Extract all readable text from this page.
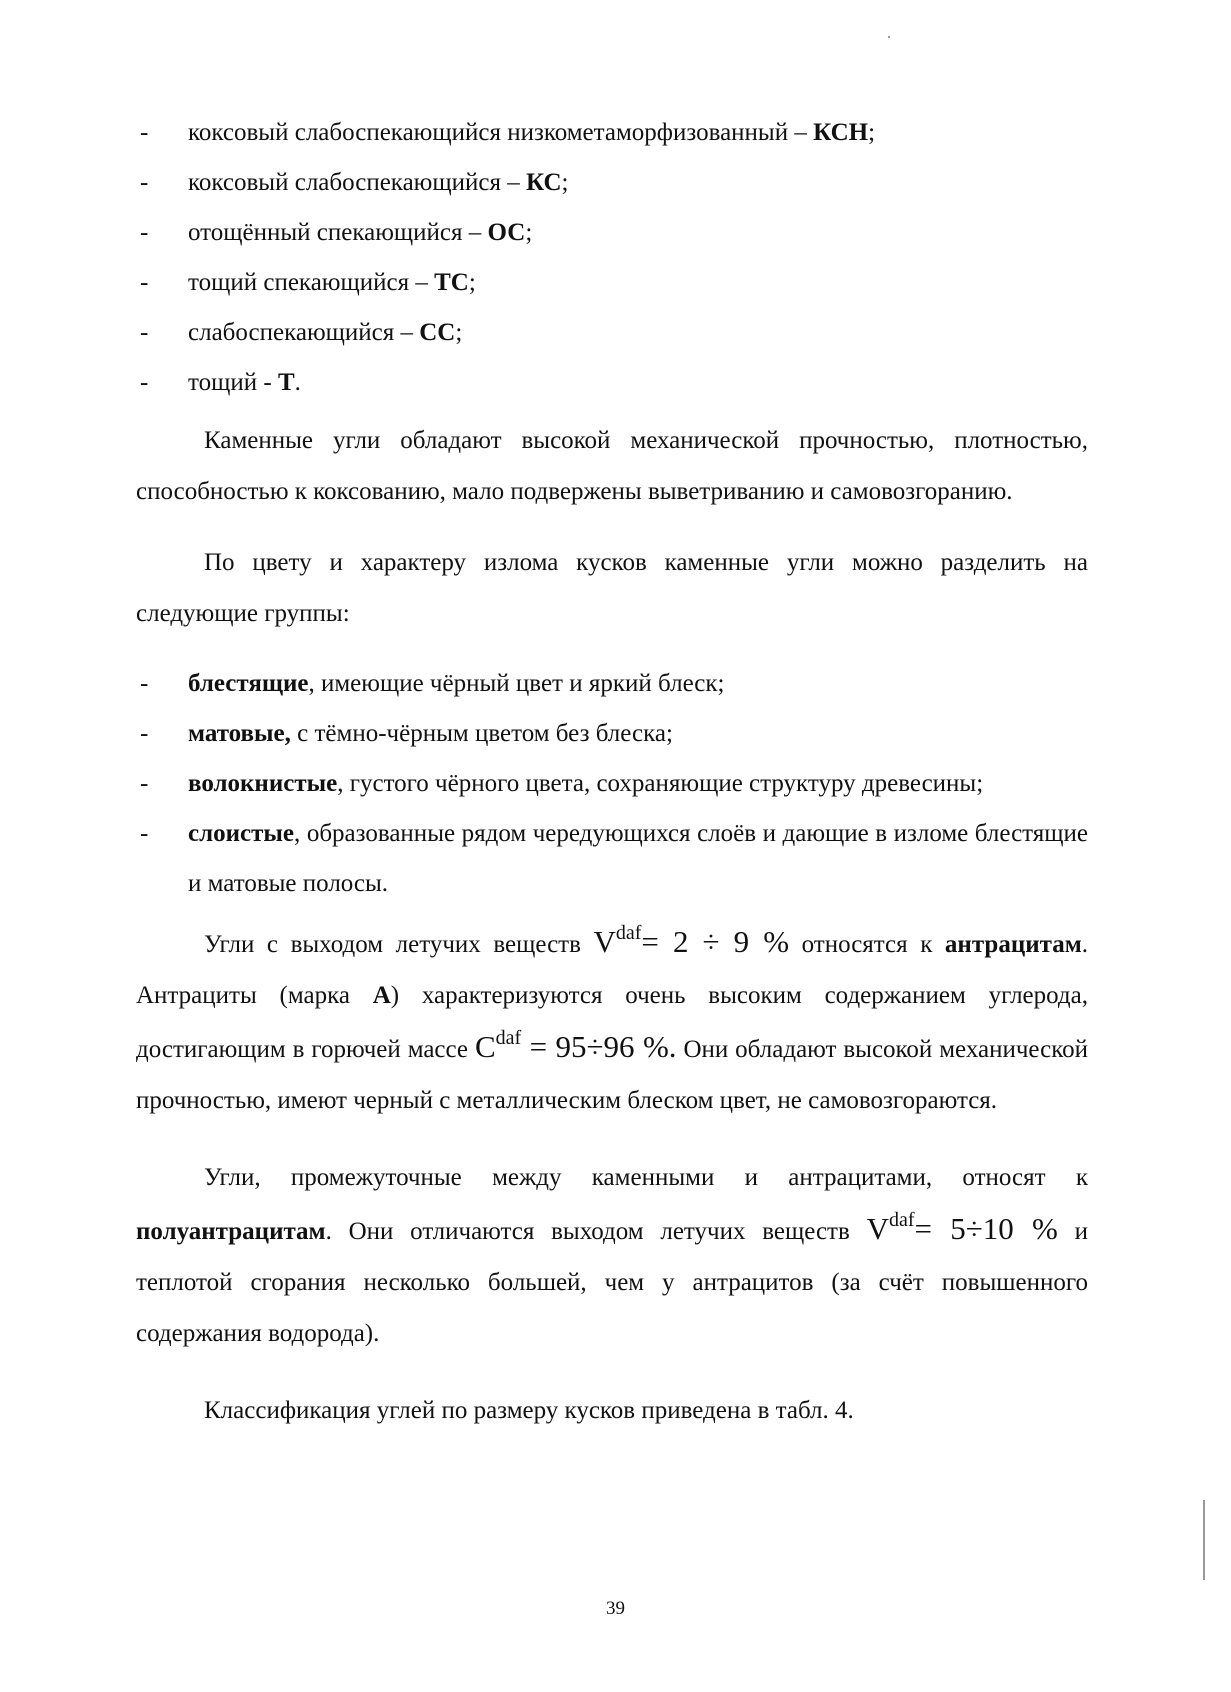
- коксовый слабоспекающийся низкометаморфизованный – КСН;
- коксовый слабоспекающийся – КС;
- отощённый спекающийся – ОС;
- тощий спекающийся – ТС;
- слабоспекающийся – СС;
- тощий - Т.

Каменные угли обладают высокой механической прочностью, плотностью, способностью к коксованию, мало подвержены выветриванию и самовозгоранию.

По цвету и характеру излома кусков каменные угли можно разделить на следующие группы:

- блестящие, имеющие чёрный цвет и яркий блеск;
- матовые, с тёмно-чёрным цветом без блеска;
- волокнистые, густого чёрного цвета, сохраняющие структуру древесины;
- слоистые, образованные рядом чередующихся слоёв и дающие в изломе блестящие и матовые полосы.

Угли с выходом летучих веществ $V^{daf}= 2 \div 9$ % относятся к антрацитам. Антрациты (марка А) характеризуются очень высоким содержанием углерода, достигающим в горючей массе $C^{daf} = 95\div 96$ %. Они обладают высокой механической прочностью, имеют черный с металлическим блеском цвет, не самовозгораются.

Угли, промежуточные между каменными и антрацитами, относят к полуантрацитам. Они отличаются выходом летучих веществ $V^{daf}= 5\div 10$ % и теплотой сгорания несколько большей, чем у антрацитов (за счёт повышенного содержания водорода).

Классификация углей по размеру кусков приведена в табл. 4.

39
